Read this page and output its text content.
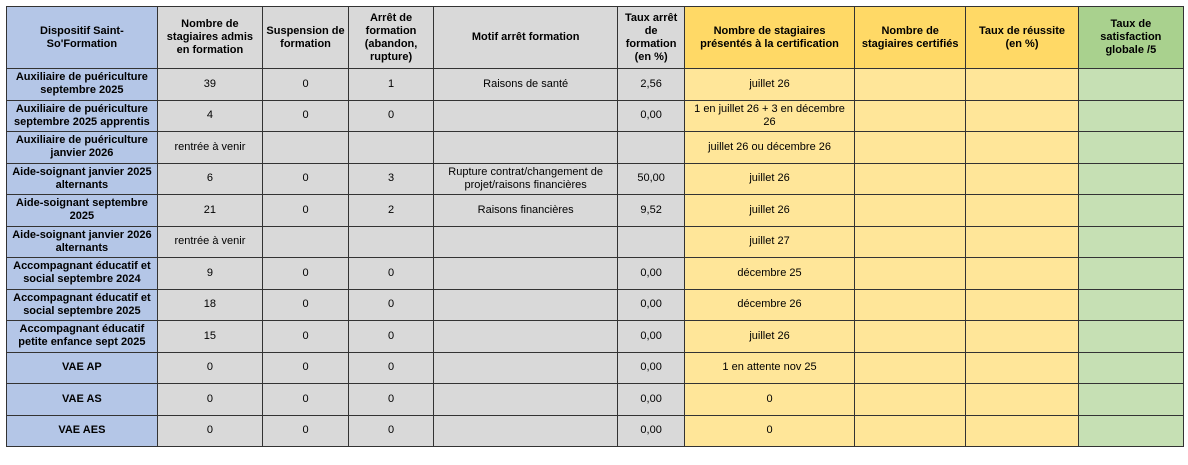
Dispositif Saint-So'Formation	Nombre de stagiaires admis en formation	Suspension de formation	Arrêt de formation (abandon, rupture)	Motif arrêt formation	Taux arrêt de formation (en %)	Nombre de stagiaires présentés à la certification	Nombre de stagiaires certifiés	Taux de réussite (en %)	Taux de satisfaction globale /5
Auxiliaire de puériculture septembre 2025	39	0	1	Raisons de santé	2,56	juillet 26			
Auxiliaire de puériculture septembre 2025 apprentis	4	0	0		0,00	1 en juillet 26 + 3 en décembre 26			
Auxiliaire de puériculture janvier 2026	rentrée à venir					juillet 26 ou décembre 26			
Aide-soignant janvier 2025 alternants	6	0	3	Rupture contrat/changement de projet/raisons financières	50,00	juillet 26			
Aide-soignant septembre 2025	21	0	2	Raisons financières	9,52	juillet 26			
Aide-soignant janvier 2026 alternants	rentrée à venir					juillet 27			
Accompagnant éducatif et social septembre 2024	9	0	0		0,00	décembre 25			
Accompagnant éducatif et social septembre 2025	18	0	0		0,00	décembre 26			
Accompagnant éducatif petite enfance sept 2025	15	0	0		0,00	juillet 26			
VAE AP	0	0	0		0,00	1 en attente nov 25			
VAE AS	0	0	0		0,00	0			
VAE AES	0	0	0		0,00	0			
